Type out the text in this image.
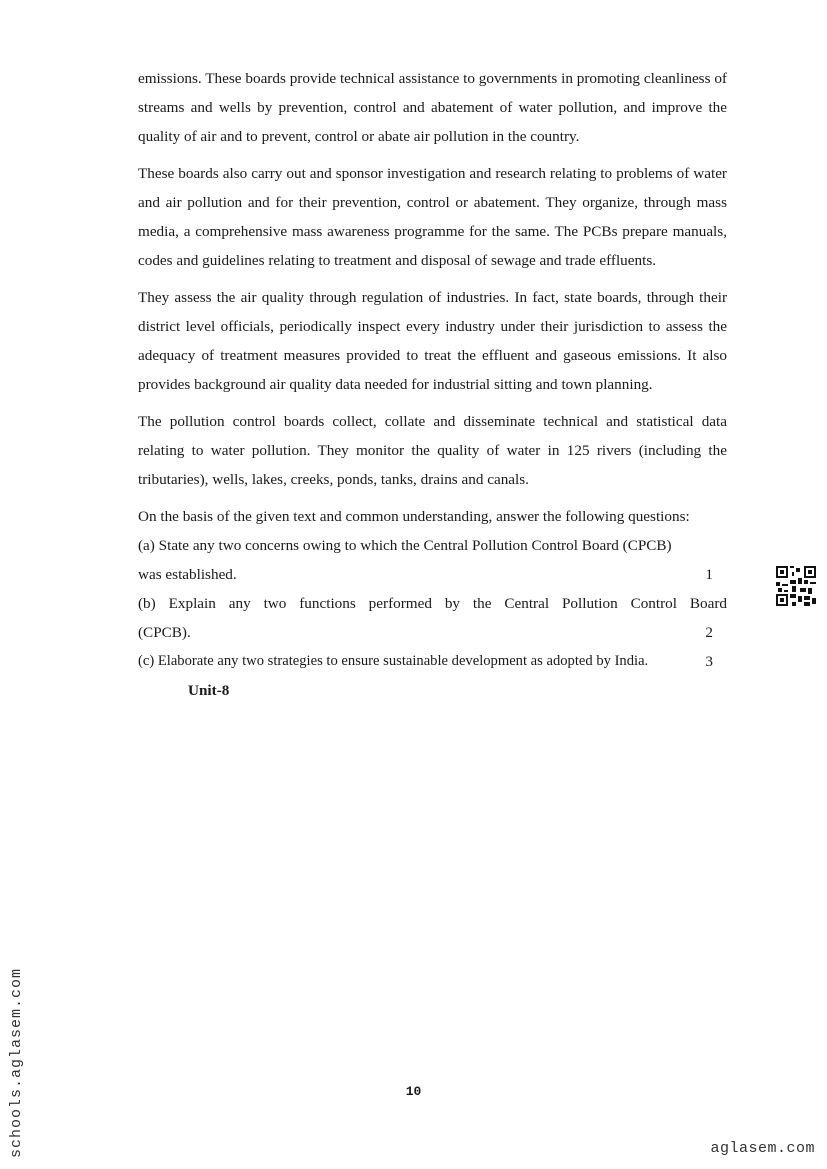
emissions. These boards provide technical assistance to governments in promoting cleanliness of streams and wells by prevention, control and abatement of water pollution, and improve the quality of air and to prevent, control or abate air pollution in the country.

These boards also carry out and sponsor investigation and research relating to problems of water and air pollution and for their prevention, control or abatement. They organize, through mass media, a comprehensive mass awareness programme for the same. The PCBs prepare manuals, codes and guidelines relating to treatment and disposal of sewage and trade effluents.

They assess the air quality through regulation of industries. In fact, state boards, through their district level officials, periodically inspect every industry under their jurisdiction to assess the adequacy of treatment measures provided to treat the effluent and gaseous emissions. It also provides background air quality data needed for industrial sitting and town planning.

The pollution control boards collect, collate and disseminate technical and statistical data relating to water pollution. They monitor the quality of water in 125 rivers (including the tributaries), wells, lakes, creeks, ponds, tanks, drains and canals.

On the basis of the given text and common understanding, answer the following questions:

(a) State any two concerns owing to which the Central Pollution Control Board (CPCB)
was established.	1
(b) Explain any two functions performed by the Central Pollution Control Board
(CPCB).	2
(c) Elaborate any two strategies to ensure sustainable development as adopted by India.	3

Unit-8

10
schools.aglasem.com	aglasem.com
